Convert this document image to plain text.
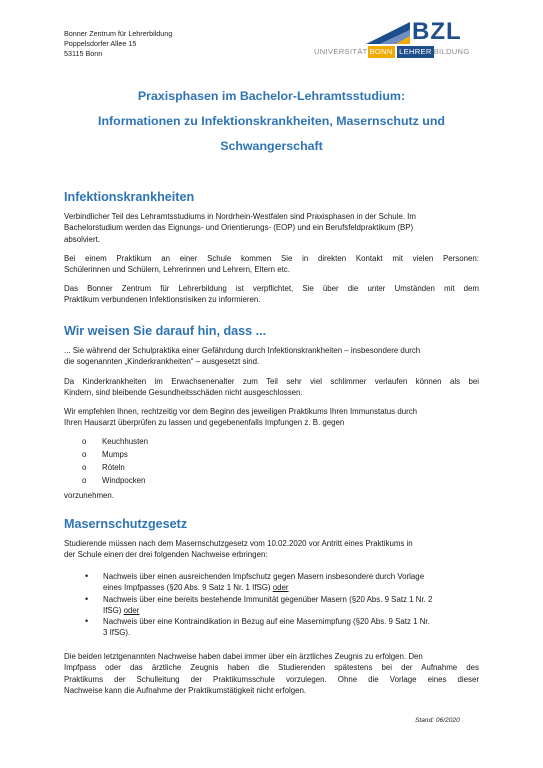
Bonner Zentrum für Lehrerbildung
Poppelsdorfer Allee 15
53115 Bonn
BZL
UNIVERSITÄT BONN LEHRER BILDUNG
Praxisphasen im Bachelor-Lehramtsstudium:
Informationen zu Infektionskrankheiten, Masernschutz und
Schwangerschaft
Infektionskrankheiten
Verbindlicher Teil des Lehramtsstudiums in Nordrhein-Westfalen sind Praxisphasen in der Schule. Im
Bachelorstudium werden das Eignungs- und Orientierungs- (EOP) und ein Berufsfeldpraktikum (BP)
absolviert.
Bei einem Praktikum an einer Schule kommen Sie in direkten Kontakt mit vielen Personen:
Schülerinnen und Schülern, Lehrerinnen und Lehrern, Eltern etc.
Das Bonner Zentrum für Lehrerbildung ist verpflichtet, Sie über die unter Umständen mit dem
Praktikum verbundenen Infektionsrisiken zu informieren.
Wir weisen Sie darauf hin, dass ...
... Sie während der Schulpraktika einer Gefährdung durch Infektionskrankheiten – insbesondere durch
die sogenannten „Kinderkrankheiten“ – ausgesetzt sind.
Da Kinderkrankheiten im Erwachsenenalter zum Teil sehr viel schlimmer verlaufen können als bei
Kindern, sind bleibende Gesundheitsschäden nicht ausgeschlossen.
Wir empfehlen Ihnen, rechtzeitig vor dem Beginn des jeweiligen Praktikums Ihren Immunstatus durch
Ihren Hausarzt überprüfen zu lassen und gegebenenfalls Impfungen z. B. gegen
o Keuchhusten
o Mumps
o Röteln
o Windpocken
vorzunehmen.
Masernschutzgesetz
Studierende müssen nach dem Masernschutzgesetz vom 10.02.2020 vor Antritt eines Praktikums in
der Schule einen der drei folgenden Nachweise erbringen:
• Nachweis über einen ausreichenden Impfschutz gegen Masern insbesondere durch Vorlage
eines Impfpasses (§20 Abs. 9 Satz 1 Nr. 1 IfSG) oder
• Nachweis über eine bereits bestehende Immunität gegenüber Masern (§20 Abs. 9 Satz 1 Nr. 2
IfSG) oder
• Nachweis über eine Kontraindikation in Bezug auf eine Masernimpfung (§20 Abs. 9 Satz 1 Nr.
3 IfSG).
Die beiden letztgenannten Nachweise haben dabei immer über ein ärztliches Zeugnis zu erfolgen. Den
Impfpass oder das ärztliche Zeugnis haben die Studierenden spätestens bei der Aufnahme des
Praktikums der Schulleitung der Praktikumsschule vorzulegen. Ohne die Vorlage eines dieser
Nachweise kann die Aufnahme der Praktikumstätigkeit nicht erfolgen.
Stand: 06/2020
